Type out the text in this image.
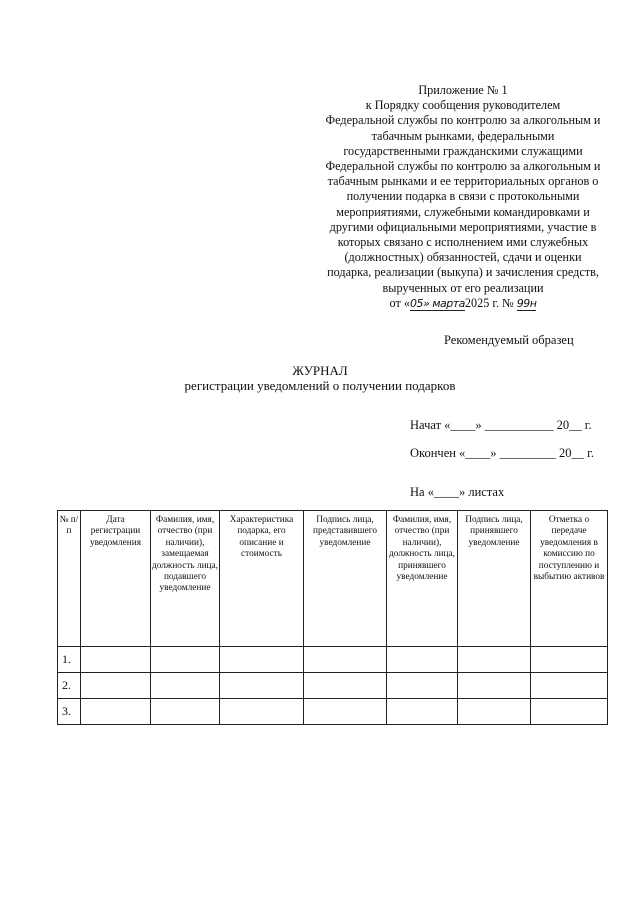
Приложение № 1
к Порядку сообщения руководителем
Федеральной службы по контролю за алкогольным и
табачным рынками, федеральными
государственными гражданскими служащими
Федеральной службы по контролю за алкогольным и
табачным рынками и ее территориальных органов о
получении подарка в связи с протокольными
мероприятиями, служебными командировками и
другими официальными мероприятиями, участие в
которых связано с исполнением ими служебных
(должностных) обязанностей, сдачи и оценки
подарка, реализации (выкупа) и зачисления средств,
вырученных от его реализации
от «05» марта2025 г. № 99н
Рекомендуемый образец
ЖУРНАЛ
регистрации уведомлений о получении подарков
Начат «____» ___________ 20__ г.
Окончен «____» _________ 20__ г.
На «____» листах
№ п/п	Дата регистрации уведомления	Фамилия, имя, отчество (при наличии), замещаемая должность лица, подавшего уведомление	Характеристика подарка, его описание и стоимость	Подпись лица, представившего уведомление	Фамилия, имя, отчество (при наличии), должность лица, принявшего уведомление	Подпись лица, принявшего уведомление	Отметка о передаче уведомления в комиссию по поступлению и выбытию активов
1.							
2.							
3.							
